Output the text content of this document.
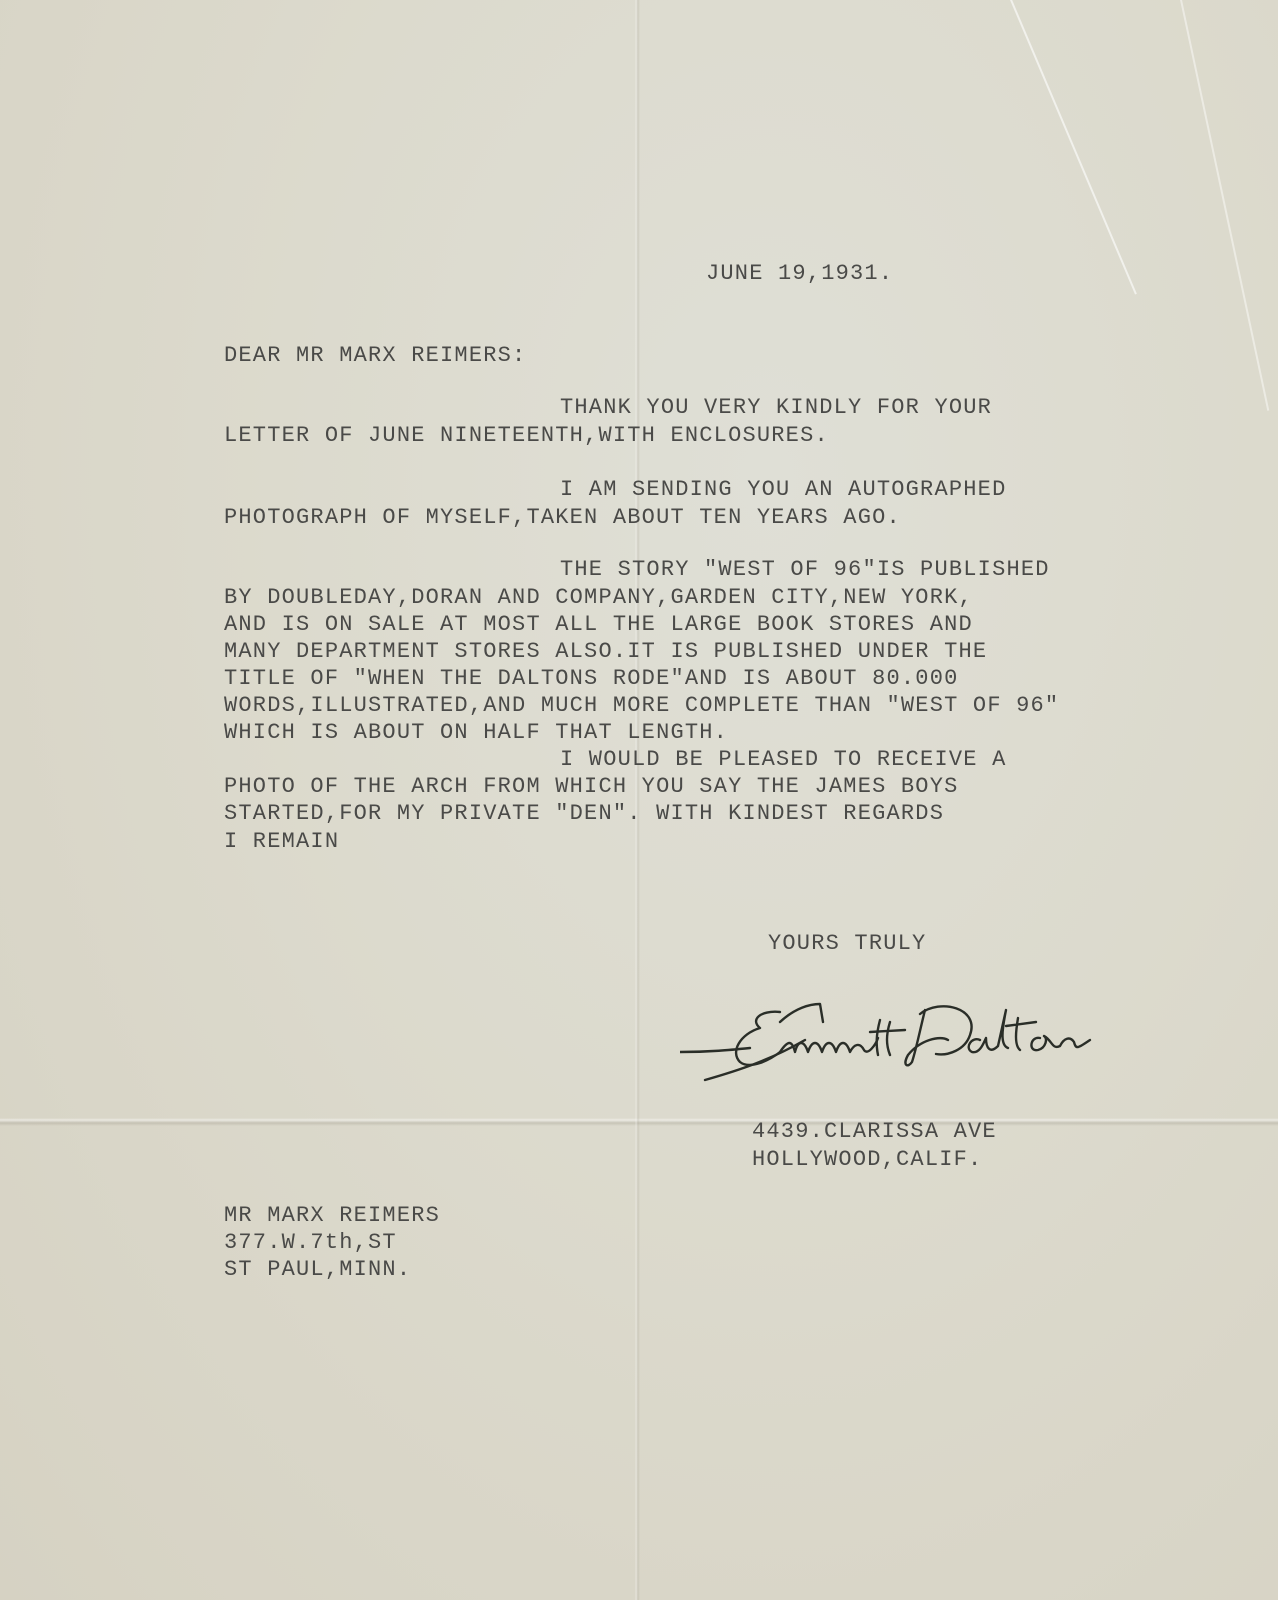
JUNE 19,1931.
DEAR MR MARX REIMERS:
THANK YOU VERY KINDLY FOR YOUR
LETTER OF JUNE NINETEENTH,WITH ENCLOSURES.
I AM SENDING YOU AN AUTOGRAPHED
PHOTOGRAPH OF MYSELF,TAKEN ABOUT TEN YEARS AGO.
THE STORY "WEST OF 96"IS PUBLISHED
BY DOUBLEDAY,DORAN AND COMPANY,GARDEN CITY,NEW YORK,
AND IS ON SALE AT MOST ALL THE LARGE BOOK STORES AND
MANY DEPARTMENT STORES ALSO.IT IS PUBLISHED UNDER THE
TITLE OF "WHEN THE DALTONS RODE"AND IS ABOUT 80.000
WORDS,ILLUSTRATED,AND MUCH MORE COMPLETE THAN "WEST OF 96"
WHICH IS ABOUT ON HALF THAT LENGTH.
I WOULD BE PLEASED TO RECEIVE A
PHOTO OF THE ARCH FROM WHICH YOU SAY THE JAMES BOYS
STARTED,FOR MY PRIVATE "DEN". WITH KINDEST REGARDS
I REMAIN
YOURS TRULY
4439.CLARISSA AVE
HOLLYWOOD,CALIF.
MR MARX REIMERS
377.W.7th,ST
ST PAUL,MINN.
